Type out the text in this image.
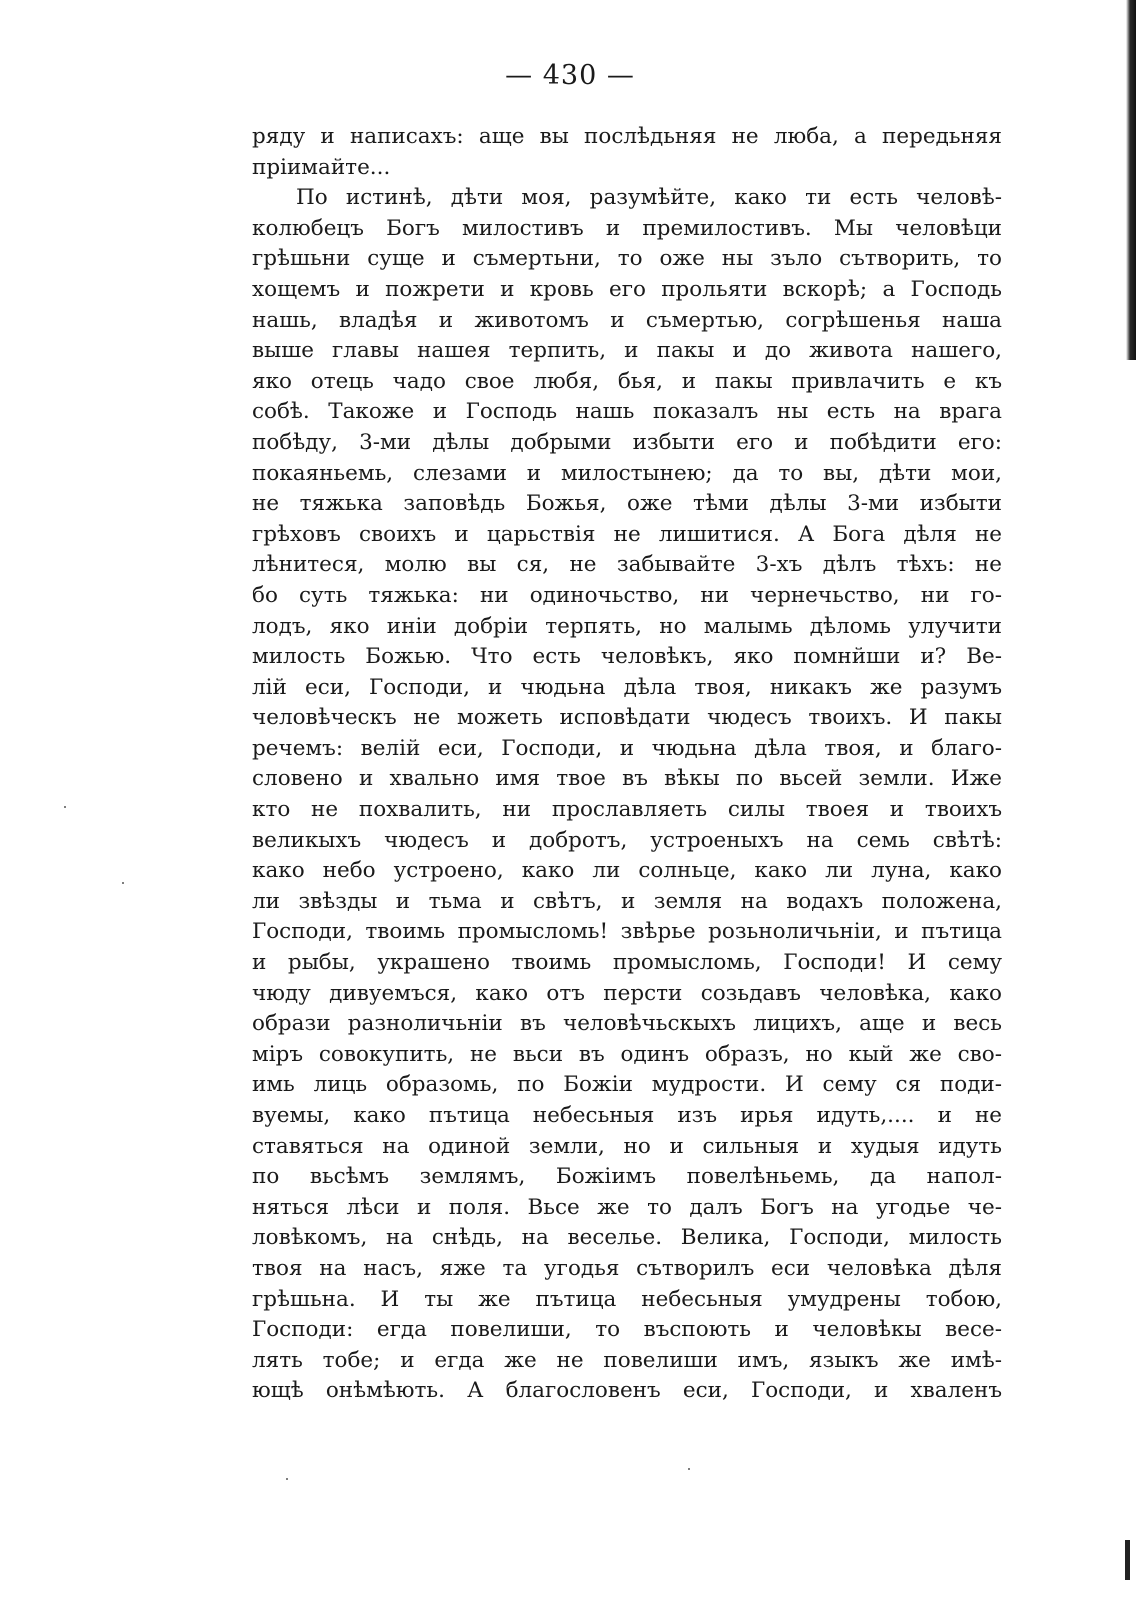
— 430 —
ряду и написахъ: аще вы послѣдьняя не люба, а передьняя
прiимайте...
По истинѣ, дѣти моя, разумѣйте, како ти есть человѣ-
колюбецъ Богъ милостивъ и премилостивъ. Мы человѣци
грѣшьни суще и съмертьни, то оже ны зъло сътворить, то
хощемъ и пожрети и кровь его прольяти вскорѣ; а Господь
нашь, владѣя и животомъ и съмертью, согрѣшенья наша
выше главы нашея терпить, и пакы и до живота нашего,
яко отець чадо свое любя, бья, и пакы привлачить е къ
собѣ. Такоже и Господь нашь показалъ ны есть на врага
побѣду, 3-ми дѣлы добрыми избыти его и побѣдити его:
покаяньемь, слезами и милостынею; да то вы, дѣти мои,
не тяжька заповѣдь Божья, оже тѣми дѣлы 3-ми избыти
грѣховъ своихъ и царьствiя не лишитися. А Бога дѣля не
лѣнитеся, молю вы ся, не забывайте 3-хъ дѣлъ тѣхъ: не
бо суть тяжька: ни одиночьство, ни чернечьство, ни го-
лодъ, яко инiи добрiи терпять, но малымь дѣломь улучити
милость Божью. Что есть человѣкъ, яко помнйши и? Ве-
лiй еси, Господи, и чюдьна дѣла твоя, никакъ же разумъ
человѣческъ не можеть исповѣдати чюдесъ твоихъ. И пакы
речемъ: велiй еси, Господи, и чюдьна дѣла твоя, и благо-
словено и хвально имя твое въ вѣкы по вьсей земли. Иже
кто не похвалить, ни прославляеть силы твоея и твоихъ
великыхъ чюдесъ и добротъ, устроеныхъ на семь свѣтѣ:
како небо устроено, како ли солньце, како ли луна, како
ли звѣзды и тьма и свѣтъ, и земля на водахъ положена,
Господи, твоимь промысломь! звѣрье розьноличьнiи, и пътица
и рыбы, украшено твоимь промысломь, Господи! И сему
чюду дивуемъся, како отъ персти созьдавъ человѣка, како
образи разноличьнiи въ человѣчьскыхъ лицихъ, аще и весь
мiръ совокупить, не вьси въ одинъ образъ, но кый же сво-
имь лиць образомь, по Божiи мудрости. И сему ся поди-
вуемы, како пътица небесьныя изъ ирья идуть,.... и не
ставяться на одиной земли, но и сильныя и худыя идуть
по вьсѣмъ землямъ, Божiимъ повелѣньемь, да напол-
няться лѣси и поля. Вьсе же то далъ Богъ на угодье че-
ловѣкомъ, на снѣдь, на веселье. Велика, Господи, милость
твоя на насъ, яже та угодья сътворилъ еси человѣка дѣля
грѣшьна. И ты же пътица небесьныя умудрены тобою,
Господи: егда повелиши, то въспоють и человѣкы весе-
лять тобе; и егда же не повелиши имъ, языкъ же имѣ-
ющѣ онѣмѣють. А благословенъ еси, Господи, и хваленъ
